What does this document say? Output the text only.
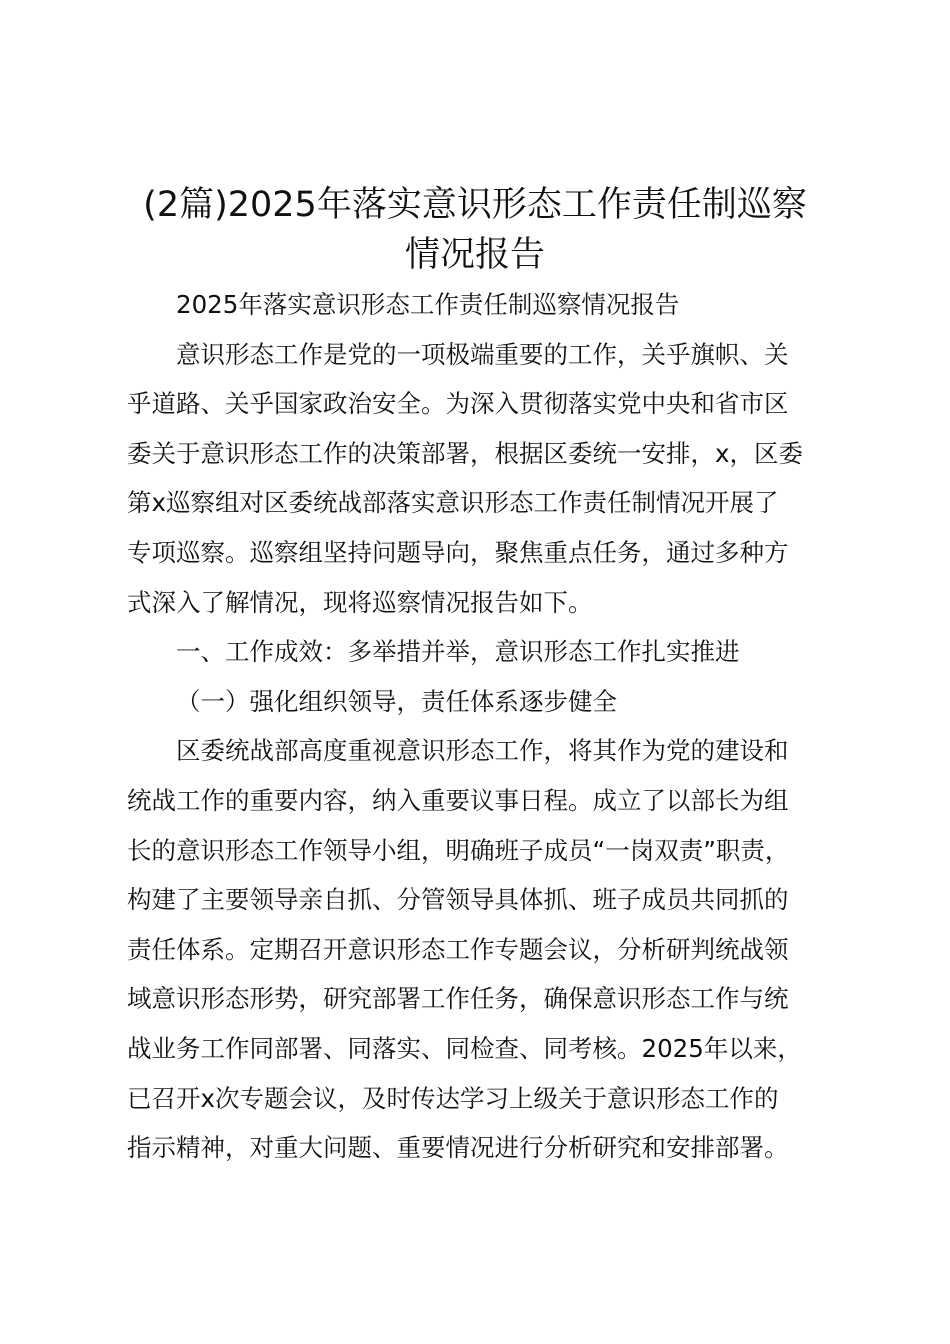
(2篇)2025年落实意识形态工作责任制巡察
情况报告
2025年落实意识形态工作责任制巡察情况报告
意识形态工作是党的一项极端重要的工作，关乎旗帜、关
乎道路、关乎国家政治安全。为深入贯彻落实党中央和省市区
委关于意识形态工作的决策部署，根据区委统一安排，x，区委
第x巡察组对区委统战部落实意识形态工作责任制情况开展了
专项巡察。巡察组坚持问题导向，聚焦重点任务，通过多种方
式深入了解情况，现将巡察情况报告如下。
一、工作成效：多举措并举，意识形态工作扎实推进
（一）强化组织领导，责任体系逐步健全
区委统战部高度重视意识形态工作，将其作为党的建设和
统战工作的重要内容，纳入重要议事日程。成立了以部长为组
长的意识形态工作领导小组，明确班子成员“一岗双责”职责，
构建了主要领导亲自抓、分管领导具体抓、班子成员共同抓的
责任体系。定期召开意识形态工作专题会议，分析研判统战领
域意识形态形势，研究部署工作任务，确保意识形态工作与统
战业务工作同部署、同落实、同检查、同考核。2025年以来，
已召开x次专题会议，及时传达学习上级关于意识形态工作的
指示精神，对重大问题、重要情况进行分析研究和安排部署。
